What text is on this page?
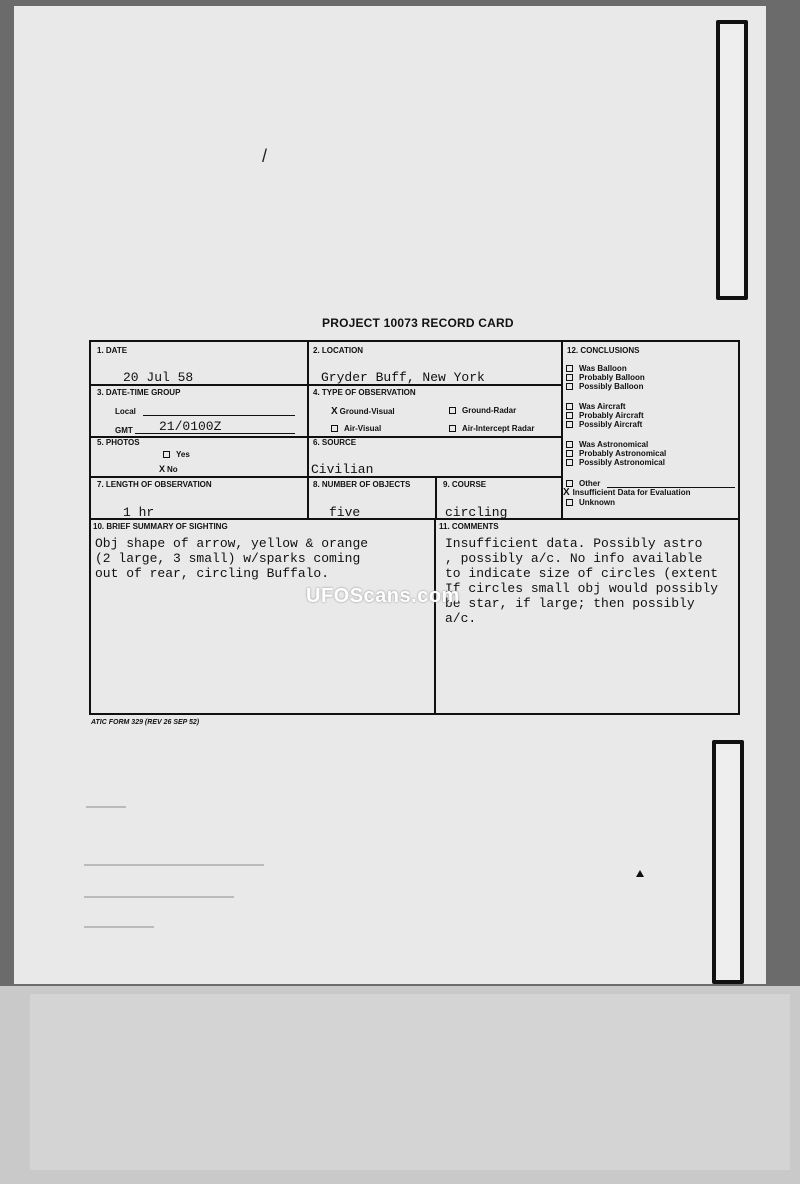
/
PROJECT 10073 RECORD CARD
1. DATE
20 Jul 58
2. LOCATION
Gryder Buff, New York
3. DATE-TIME GROUP
Local
GMT 21/0100Z
4. TYPE OF OBSERVATION
X Ground-Visual	Ground-Radar
Air-Visual	Air-Intercept Radar
5. PHOTOS
Yes
X No
6. SOURCE
Civilian
7. LENGTH OF OBSERVATION
1 hr
8. NUMBER OF OBJECTS
five
9. COURSE
circling
10. BRIEF SUMMARY OF SIGHTING
Obj shape of arrow, yellow & orange
(2 large, 3 small) w/sparks coming
out of rear, circling Buffalo.
11. COMMENTS
Insufficient data. Possibly astro
, possibly a/c. No info available
to indicate size of circles (extent
If circles small obj would possibly
be star, if large; then possibly
a/c.
12. CONCLUSIONS
Was Balloon
Probably Balloon
Possibly Balloon
Was Aircraft
Probably Aircraft
Possibly Aircraft
Was Astronomical
Probably Astronomical
Possibly Astronomical
Other
X Insufficient Data for Evaluation
Unknown
UFOScans.com
ATIC FORM 329 (REV 26 SEP 52)
